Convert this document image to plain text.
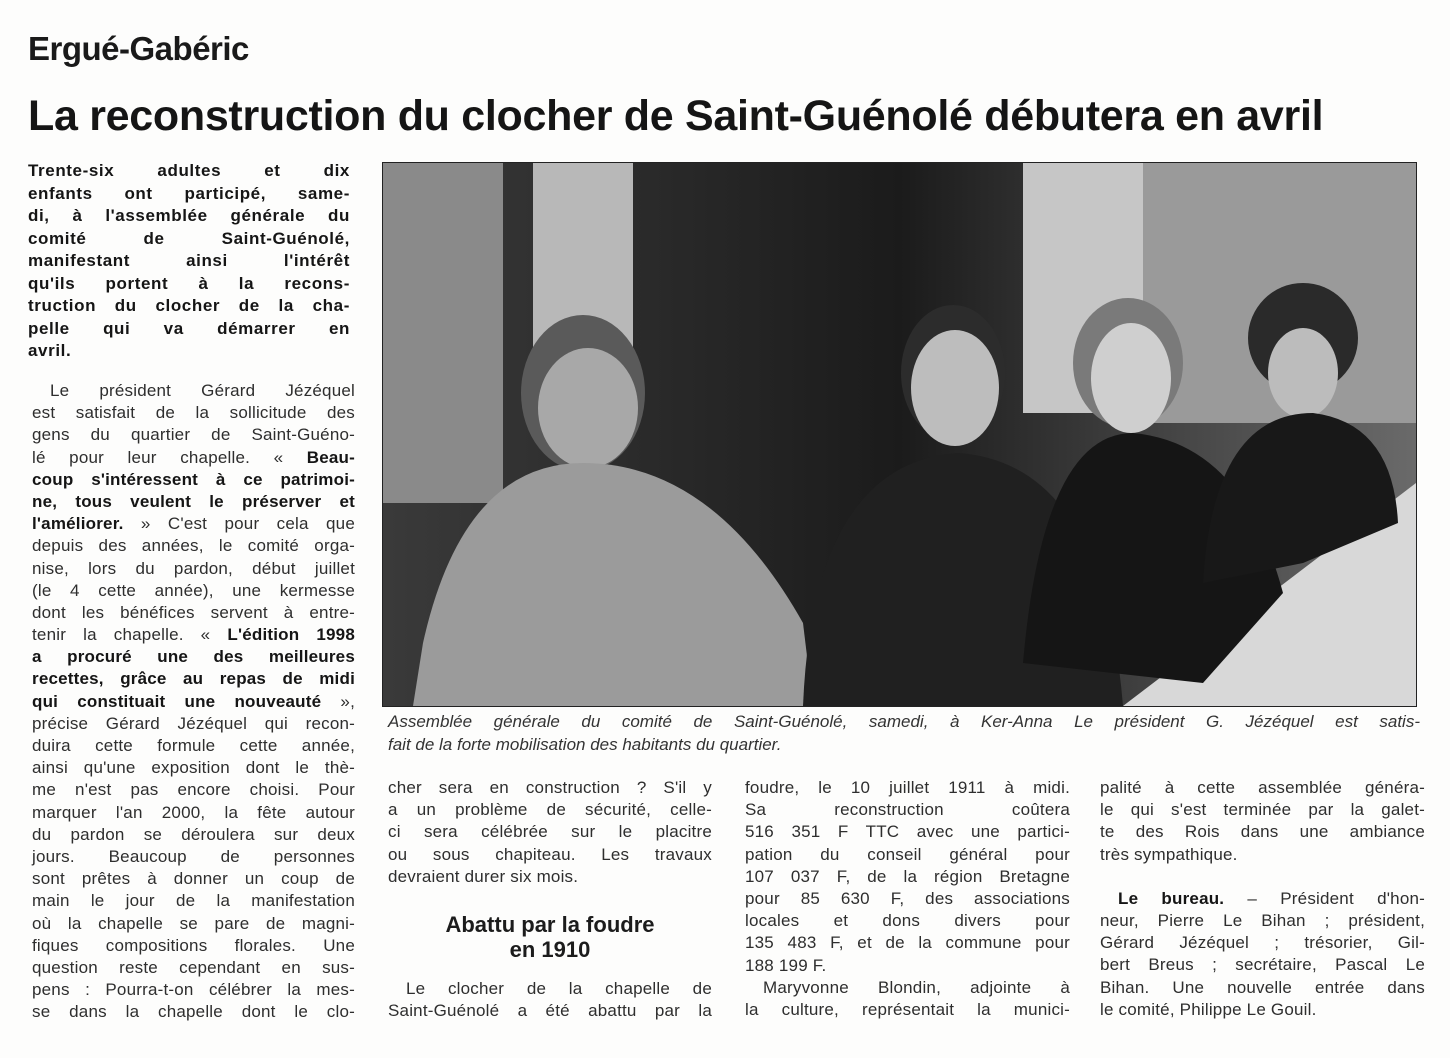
Ergué-Gabéric
La reconstruction du clocher de Saint-Guénolé débutera en avril
Trente-six adultes et dix
enfants ont participé, same-
di, à l'assemblée générale du
comité de Saint-Guénolé,
manifestant ainsi l'intérêt
qu'ils portent à la recons-
truction du clocher de la cha-
pelle qui va démarrer en
avril.
Le président Gérard Jézéquel
est satisfait de la sollicitude des
gens du quartier de Saint-Guéno-
lé pour leur chapelle. « Beau-
coup s'intéressent à ce patrimoi-
ne, tous veulent le préserver et
l'améliorer. » C'est pour cela que
depuis des années, le comité orga-
nise, lors du pardon, début juillet
(le 4 cette année), une kermesse
dont les bénéfices servent à entre-
tenir la chapelle. « L'édition 1998
a procuré une des meilleures
recettes, grâce au repas de midi
qui constituait une nouveauté »,
précise Gérard Jézéquel qui recon-
duira cette formule cette année,
ainsi qu'une exposition dont le thè-
me n'est pas encore choisi. Pour
marquer l'an 2000, la fête autour
du pardon se déroulera sur deux
jours. Beaucoup de personnes
sont prêtes à donner un coup de
main le jour de la manifestation
où la chapelle se pare de magni-
fiques compositions florales. Une
question reste cependant en sus-
pens : Pourra-t-on célébrer la mes-
se dans la chapelle dont le clo-
Assemblée générale du comité de Saint-Guénolé, samedi, à Ker-Anna Le président G. Jézéquel est satis-
fait de la forte mobilisation des habitants du quartier.
cher sera en construction ? S'il y
a un problème de sécurité, celle-
ci sera célébrée sur le placitre
ou sous chapiteau. Les travaux
devraient durer six mois.
Abattu par la foudre
en 1910
Le clocher de la chapelle de
Saint-Guénolé a été abattu par la
foudre, le 10 juillet 1911 à midi.
Sa reconstruction coûtera
516 351 F TTC avec une partici-
pation du conseil général pour
107 037 F, de la région Bretagne
pour 85 630 F, des associations
locales et dons divers pour
135 483 F, et de la commune pour
188 199 F.
Maryvonne Blondin, adjointe à
la culture, représentait la munici-
palité à cette assemblée généra-
le qui s'est terminée par la galet-
te des Rois dans une ambiance
très sympathique.
Le bureau. – Président d'hon-
neur, Pierre Le Bihan ; président,
Gérard Jézéquel ; trésorier, Gil-
bert Breus ; secrétaire, Pascal Le
Bihan. Une nouvelle entrée dans
le comité, Philippe Le Gouil.
